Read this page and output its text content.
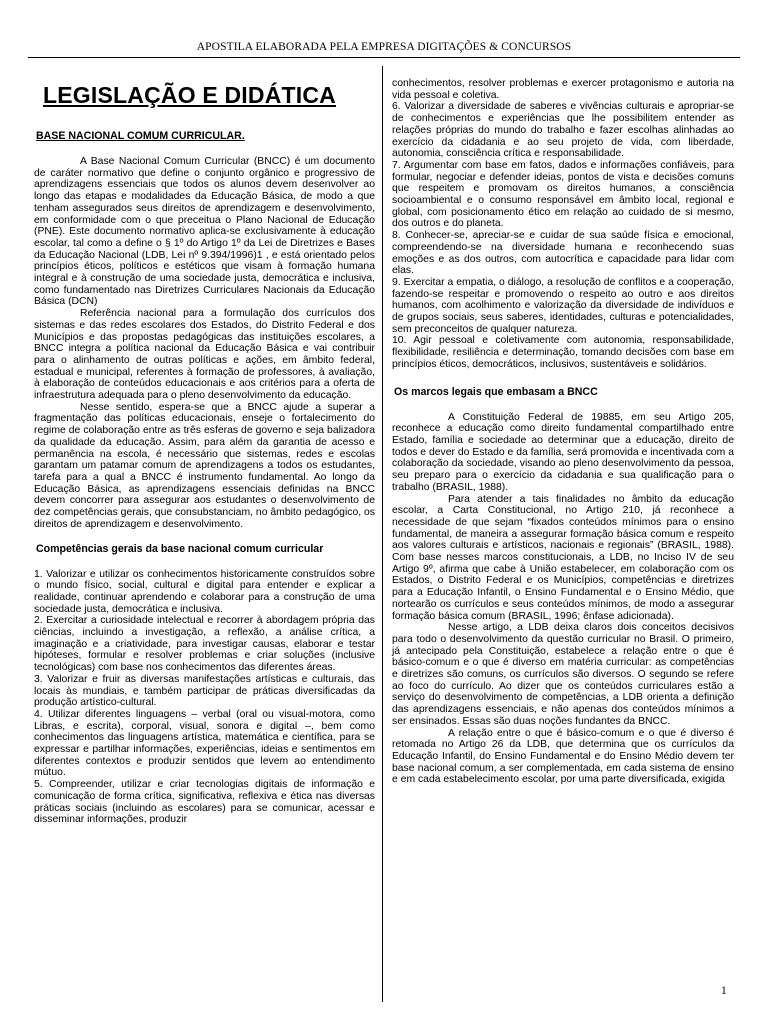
APOSTILA ELABORADA PELA EMPRESA DIGITAÇÕES & CONCURSOS
LEGISLAÇÃO E DIDÁTICA
BASE NACIONAL COMUM CURRICULAR.

A Base Nacional Comum Curricular (BNCC) é um documento de caráter normativo que define o conjunto orgânico e progressivo de aprendizagens essenciais que todos os alunos devem desenvolver ao longo das etapas e modalidades da Educação Básica, de modo a que tenham assegurados seus direitos de aprendizagem e desenvolvimento, em conformidade com o que preceitua o Plano Nacional de Educação (PNE). Este documento normativo aplica-se exclusivamente à educação escolar, tal como a define o § 1º do Artigo 1º da Lei de Diretrizes e Bases da Educação Nacional (LDB, Lei nº 9.394/1996)1 , e está orientado pelos princípios éticos, políticos e estéticos que visam à formação humana integral e à construção de uma sociedade justa, democrática e inclusiva, como fundamentado nas Diretrizes Curriculares Nacionais da Educação Básica (DCN)

Referência nacional para a formulação dos currículos dos sistemas e das redes escolares dos Estados, do Distrito Federal e dos Municípios e das propostas pedagógicas das instituições escolares, a BNCC integra a política nacional da Educação Básica e vai contribuir para o alinhamento de outras políticas e ações, em âmbito federal, estadual e municipal, referentes à formação de professores, à avaliação, à elaboração de conteúdos educacionais e aos critérios para a oferta de infraestrutura adequada para o pleno desenvolvimento da educação.

Nesse sentido, espera-se que a BNCC ajude a superar a fragmentação das políticas educacionais, enseje o fortalecimento do regime de colaboração entre as três esferas de governo e seja balizadora da qualidade da educação. Assim, para além da garantia de acesso e permanência na escola, é necessário que sistemas, redes e escolas garantam um patamar comum de aprendizagens a todos os estudantes, tarefa para a qual a BNCC é instrumento fundamental. Ao longo da Educação Básica, as aprendizagens essenciais definidas na BNCC devem concorrer para assegurar aos estudantes o desenvolvimento de dez competências gerais, que consubstanciam, no âmbito pedagógico, os direitos de aprendizagem e desenvolvimento.

Competências gerais da base nacional comum curricular

1. Valorizar e utilizar os conhecimentos historicamente construídos sobre o mundo físico, social, cultural e digital para entender e explicar a realidade, continuar aprendendo e colaborar para a construção de uma sociedade justa, democrática e inclusiva.

2. Exercitar a curiosidade intelectual e recorrer à abordagem própria das ciências, incluindo a investigação, a reflexão, a análise crítica, a imaginação e a criatividade, para investigar causas, elaborar e testar hipóteses, formular e resolver problemas e criar soluções (inclusive tecnológicas) com base nos conhecimentos das diferentes áreas.

3. Valorizar e fruir as diversas manifestações artísticas e culturais, das locais às mundiais, e também participar de práticas diversificadas da produção artístico-cultural.

4. Utilizar diferentes linguagens – verbal (oral ou visual-motora, como Libras, e escrita), corporal, visual, sonora e digital –, bem como conhecimentos das linguagens artística, matemática e científica, para se expressar e partilhar informações, experiências, ideias e sentimentos em diferentes contextos e produzir sentidos que levem ao entendimento mútuo.

5. Compreender, utilizar e criar tecnologias digitais de informação e comunicação de forma crítica, significativa, reflexiva e ética nas diversas práticas sociais (incluindo as escolares) para se comunicar, acessar e disseminar informações, produzir

conhecimentos, resolver problemas e exercer protagonismo e autoria na vida pessoal e coletiva.

6. Valorizar a diversidade de saberes e vivências culturais e apropriar-se de conhecimentos e experiências que lhe possibilitem entender as relações próprias do mundo do trabalho e fazer escolhas alinhadas ao exercício da cidadania e ao seu projeto de vida, com liberdade, autonomia, consciência crítica e responsabilidade.

7. Argumentar com base em fatos, dados e informações confiáveis, para formular, negociar e defender ideias, pontos de vista e decisões comuns que respeitem e promovam os direitos humanos, a consciência socioambiental e o consumo responsável em âmbito local, regional e global, com posicionamento ético em relação ao cuidado de si mesmo, dos outros e do planeta.

8. Conhecer-se, apreciar-se e cuidar de sua saúde física e emocional, compreendendo-se na diversidade humana e reconhecendo suas emoções e as dos outros, com autocrítica e capacidade para lidar com elas.

9. Exercitar a empatia, o diálogo, a resolução de conflitos e a cooperação, fazendo-se respeitar e promovendo o respeito ao outro e aos direitos humanos, com acolhimento e valorização da diversidade de indivíduos e de grupos sociais, seus saberes, identidades, culturas e potencialidades, sem preconceitos de qualquer natureza.

10. Agir pessoal e coletivamente com autonomia, responsabilidade, flexibilidade, resiliência e determinação, tomando decisões com base em princípios éticos, democráticos, inclusivos, sustentáveis e solidários.

Os marcos legais que embasam a BNCC

A Constituição Federal de 19885, em seu Artigo 205, reconhece a educação como direito fundamental compartilhado entre Estado, família e sociedade ao determinar que a educação, direito de todos e dever do Estado e da família, será promovida e incentivada com a colaboração da sociedade, visando ao pleno desenvolvimento da pessoa, seu preparo para o exercício da cidadania e sua qualificação para o trabalho (BRASIL, 1988).

Para atender a tais finalidades no âmbito da educação escolar, a Carta Constitucional, no Artigo 210, já reconhece a necessidade de que sejam “fixados conteúdos mínimos para o ensino fundamental, de maneira a assegurar formação básica comum e respeito aos valores culturais e artísticos, nacionais e regionais” (BRASIL, 1988). Com base nesses marcos constitucionais, a LDB, no Inciso IV de seu Artigo 9º, afirma que cabe à União estabelecer, em colaboração com os Estados, o Distrito Federal e os Municípios, competências e diretrizes para a Educação Infantil, o Ensino Fundamental e o Ensino Médio, que nortearão os currículos e seus conteúdos mínimos, de modo a assegurar formação básica comum (BRASIL, 1996; ênfase adicionada).

Nesse artigo, a LDB deixa claros dois conceitos decisivos para todo o desenvolvimento da questão curricular no Brasil. O primeiro, já antecipado pela Constituição, estabelece a relação entre o que é básico-comum e o que é diverso em matéria curricular: as competências e diretrizes são comuns, os currículos são diversos. O segundo se refere ao foco do currículo. Ao dizer que os conteúdos curriculares estão a serviço do desenvolvimento de competências, a LDB orienta a definição das aprendizagens essenciais, e não apenas dos conteúdos mínimos a ser ensinados. Essas são duas noções fundantes da BNCC.

A relação entre o que é básico-comum e o que é diverso é retomada no Artigo 26 da LDB, que determina que os currículos da Educação Infantil, do Ensino Fundamental e do Ensino Médio devem ter base nacional comum, a ser complementada, em cada sistema de ensino e em cada estabelecimento escolar, por uma parte diversificada, exigida

1
